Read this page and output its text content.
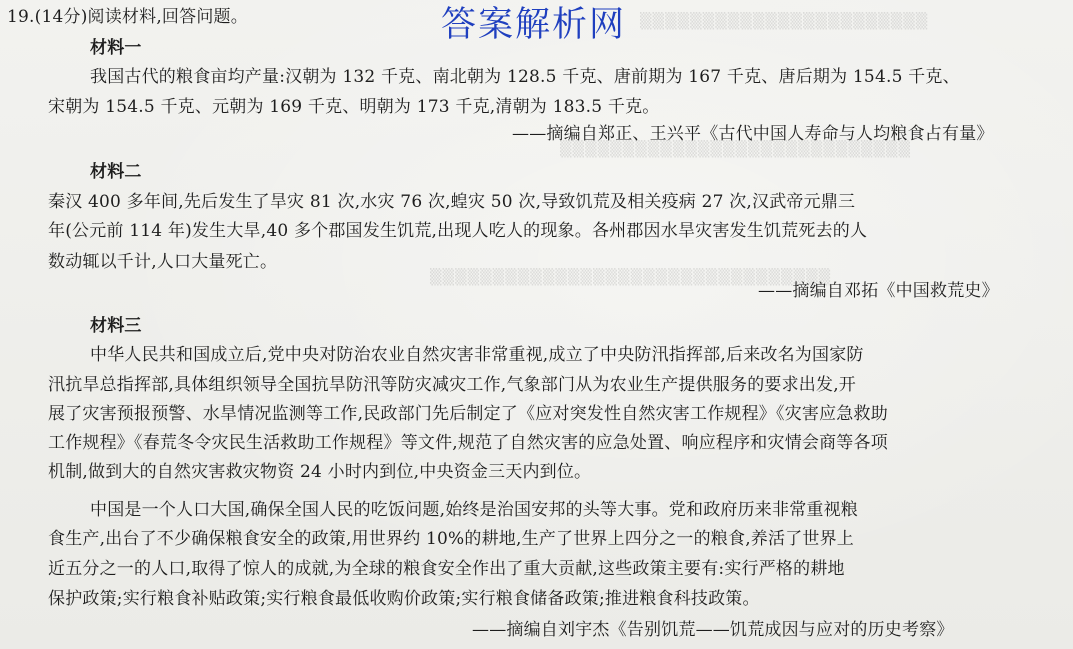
▒▒▒▒▒▒▒▒▒▒▒▒▒▒▒▒▒▒▒▒▒▒▒
▒▒▒▒▒▒▒▒▒▒▒▒▒▒▒▒▒▒▒▒▒▒▒▒▒▒▒▒
▒▒▒▒▒▒▒▒▒▒▒▒▒▒▒▒▒▒▒▒▒▒▒▒▒▒▒▒▒▒▒▒
答案解析网
19.(14分)阅读材料,回答问题。
材料一
我国古代的粮食亩均产量:汉朝为 132 千克、南北朝为 128.5 千克、唐前期为 167 千克、唐后期为 154.5 千克、
宋朝为 154.5 千克、元朝为 169 千克、明朝为 173 千克,清朝为 183.5 千克。
——摘编自郑正、王兴平《古代中国人寿命与人均粮食占有量》
材料二
秦汉 400 多年间,先后发生了旱灾 81 次,水灾 76 次,蝗灾 50 次,导致饥荒及相关疫病 27 次,汉武帝元鼎三
年(公元前 114 年)发生大旱,40 多个郡国发生饥荒,出现人吃人的现象。各州郡因水旱灾害发生饥荒死去的人
数动辄以千计,人口大量死亡。
——摘编自邓拓《中国救荒史》
材料三
中华人民共和国成立后,党中央对防治农业自然灾害非常重视,成立了中央防汛指挥部,后来改名为国家防
汛抗旱总指挥部,具体组织领导全国抗旱防汛等防灾减灾工作,气象部门从为农业生产提供服务的要求出发,开
展了灾害预报预警、水旱情况监测等工作,民政部门先后制定了《应对突发性自然灾害工作规程》《灾害应急救助
工作规程》《春荒冬令灾民生活救助工作规程》等文件,规范了自然灾害的应急处置、响应程序和灾情会商等各项
机制,做到大的自然灾害救灾物资 24 小时内到位,中央资金三天内到位。
中国是一个人口大国,确保全国人民的吃饭问题,始终是治国安邦的头等大事。党和政府历来非常重视粮
食生产,出台了不少确保粮食安全的政策,用世界约 10%的耕地,生产了世界上四分之一的粮食,养活了世界上
近五分之一的人口,取得了惊人的成就,为全球的粮食安全作出了重大贡献,这些政策主要有:实行严格的耕地
保护政策;实行粮食补贴政策;实行粮食最低收购价政策;实行粮食储备政策;推进粮食科技政策。
——摘编自刘宇杰《告别饥荒——饥荒成因与应对的历史考察》
